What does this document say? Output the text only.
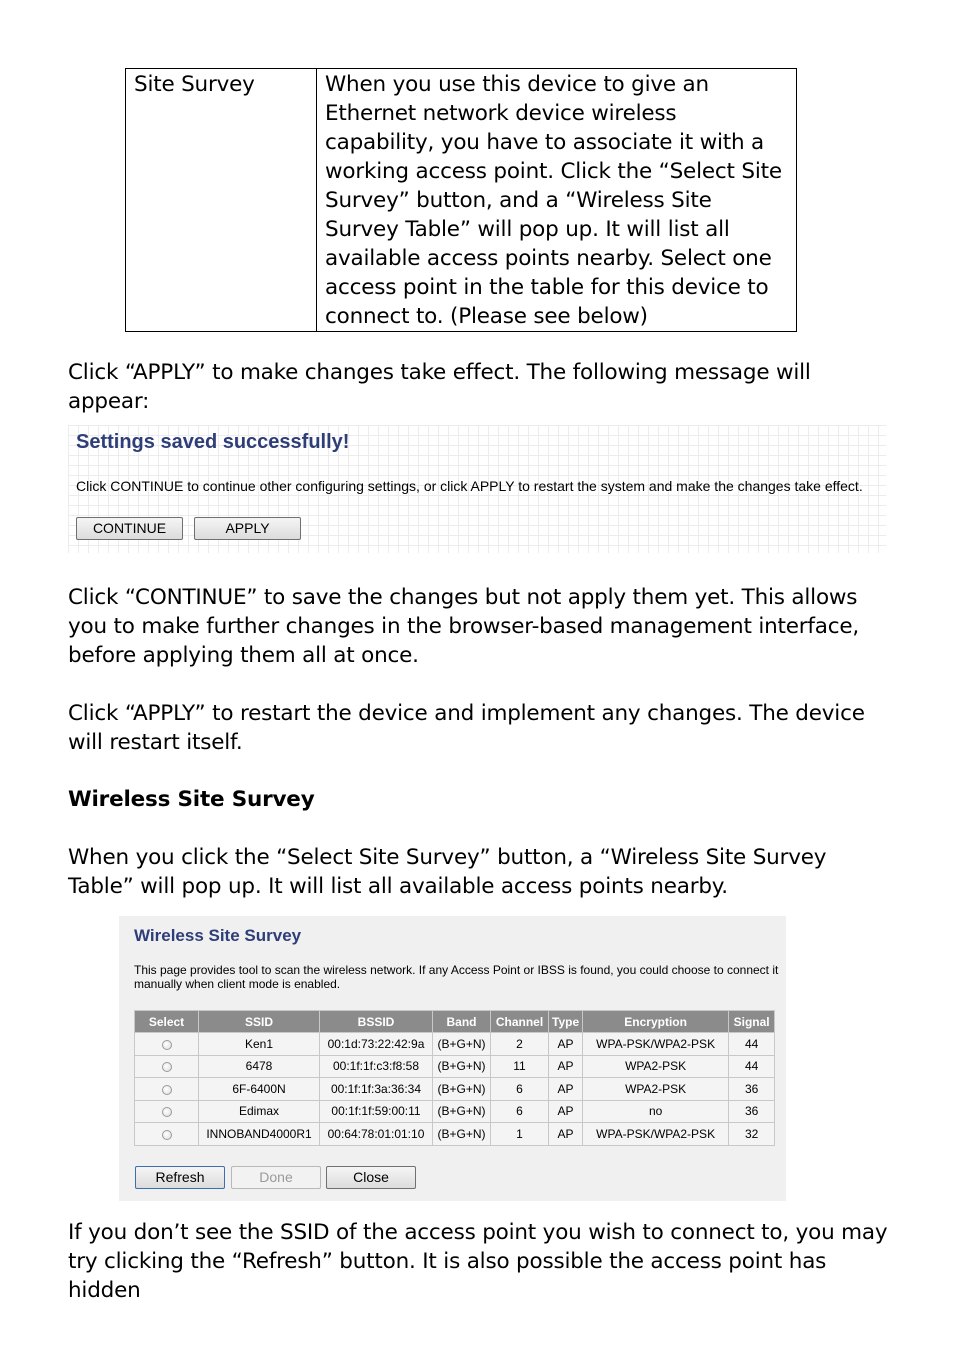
Site Survey	When you use this device to give an Ethernet network device wireless capability, you have to associate it with a working access point. Click the “Select Site Survey” button, and a “Wireless Site Survey Table” will pop up. It will list all available access points nearby. Select one access point in the table for this device to connect to. (Please see below)

Click “APPLY” to make changes take effect. The following message will appear:

Settings saved successfully!
Click CONTINUE to continue other configuring settings, or click APPLY to restart the system and make the changes take effect.
CONTINUE	APPLY

Click “CONTINUE” to save the changes but not apply them yet. This allows you to make further changes in the browser-based management interface, before applying them all at once.

Click “APPLY” to restart the device and implement any changes. The device will restart itself.

Wireless Site Survey

When you click the “Select Site Survey” button, a “Wireless Site Survey Table” will pop up. It will list all available access points nearby.

Wireless Site Survey
This page provides tool to scan the wireless network. If any Access Point or IBSS is found, you could choose to connect it manually when client mode is enabled.
Select	SSID	BSSID	Band	Channel	Type	Encryption	Signal
	Ken1	00:1d:73:22:42:9a	(B+G+N)	2	AP	WPA-PSK/WPA2-PSK	44
	6478	00:1f:1f:c3:f8:58	(B+G+N)	11	AP	WPA2-PSK	44
	6F-6400N	00:1f:1f:3a:36:34	(B+G+N)	6	AP	WPA2-PSK	36
	Edimax	00:1f:1f:59:00:11	(B+G+N)	6	AP	no	36
	INNOBAND4000R1	00:64:78:01:01:10	(B+G+N)	1	AP	WPA-PSK/WPA2-PSK	32
Refresh	Done	Close

If you don’t see the SSID of the access point you wish to connect to, you may try clicking the “Refresh” button. It is also possible the access point has hidden
